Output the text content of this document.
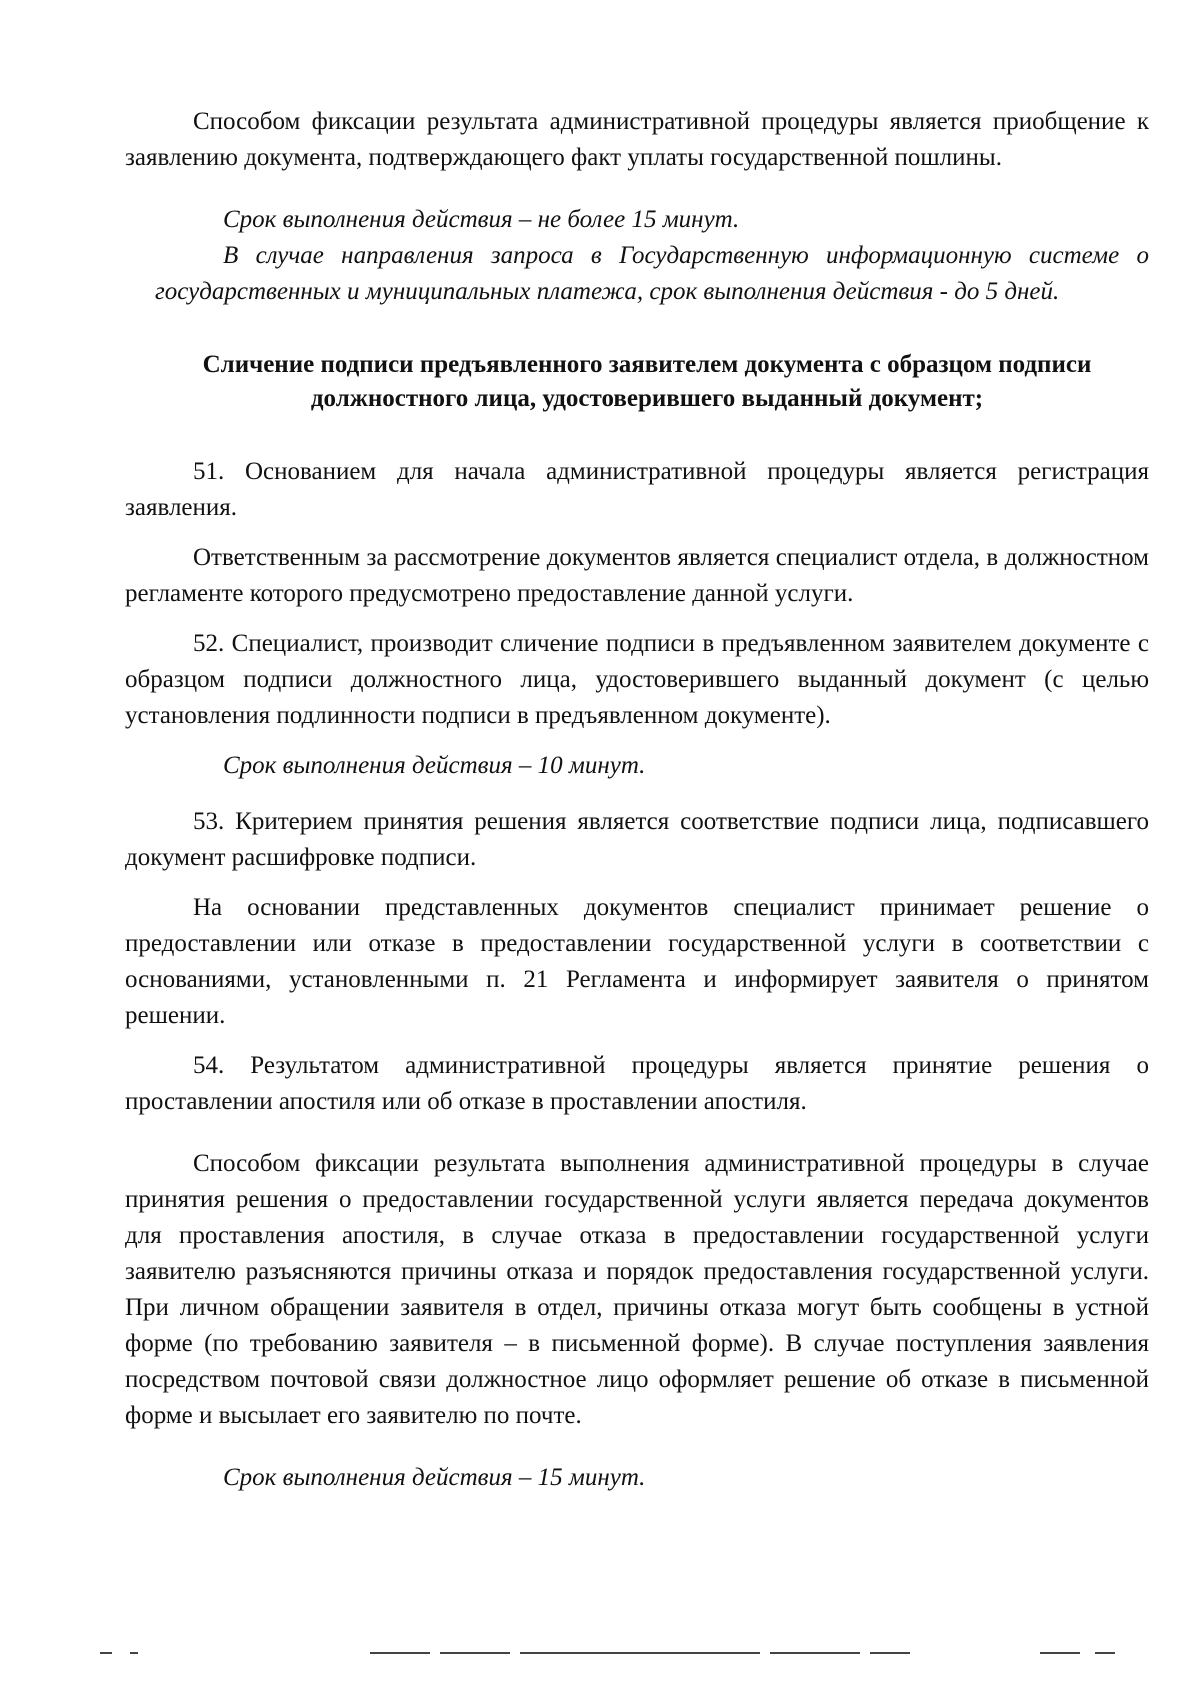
Способом фиксации результата административной процедуры является приобщение к заявлению документа, подтверждающего факт уплаты государственной пошлины.

Срок выполнения действия – не более 15 минут.

В случае направления запроса в Государственную информационную системе о государственных и муниципальных платежа, срок выполнения действия - до 5 дней.

Сличение подписи предъявленного заявителем документа с образцом подписи должностного лица, удостоверившего выданный документ;

51. Основанием для начала административной процедуры является регистрация заявления.

Ответственным за рассмотрение документов является специалист отдела, в должностном регламенте которого предусмотрено предоставление данной услуги.

52. Специалист, производит сличение подписи в предъявленном заявителем документе с образцом подписи должностного лица, удостоверившего выданный документ (с целью установления подлинности подписи в предъявленном документе).

Срок выполнения действия – 10 минут.

53. Критерием принятия решения является соответствие подписи лица, подписавшего документ расшифровке подписи.

На основании представленных документов специалист принимает решение о предоставлении или отказе в предоставлении государственной услуги в соответствии с основаниями, установленными п. 21 Регламента и информирует заявителя о принятом решении.

54. Результатом административной процедуры является принятие решения о проставлении апостиля или об отказе в проставлении апостиля.

Способом фиксации результата выполнения административной процедуры в случае принятия решения о предоставлении государственной услуги является передача документов для проставления апостиля, в случае отказа в предоставлении государственной услуги заявителю разъясняются причины отказа и порядок предоставления государственной услуги. При личном обращении заявителя в отдел, причины отказа могут быть сообщены в устной форме (по требованию заявителя – в письменной форме). В случае поступления заявления посредством почтовой связи должностное лицо оформляет решение об отказе в письменной форме и высылает его заявителю по почте.

Срок выполнения действия – 15 минут.
